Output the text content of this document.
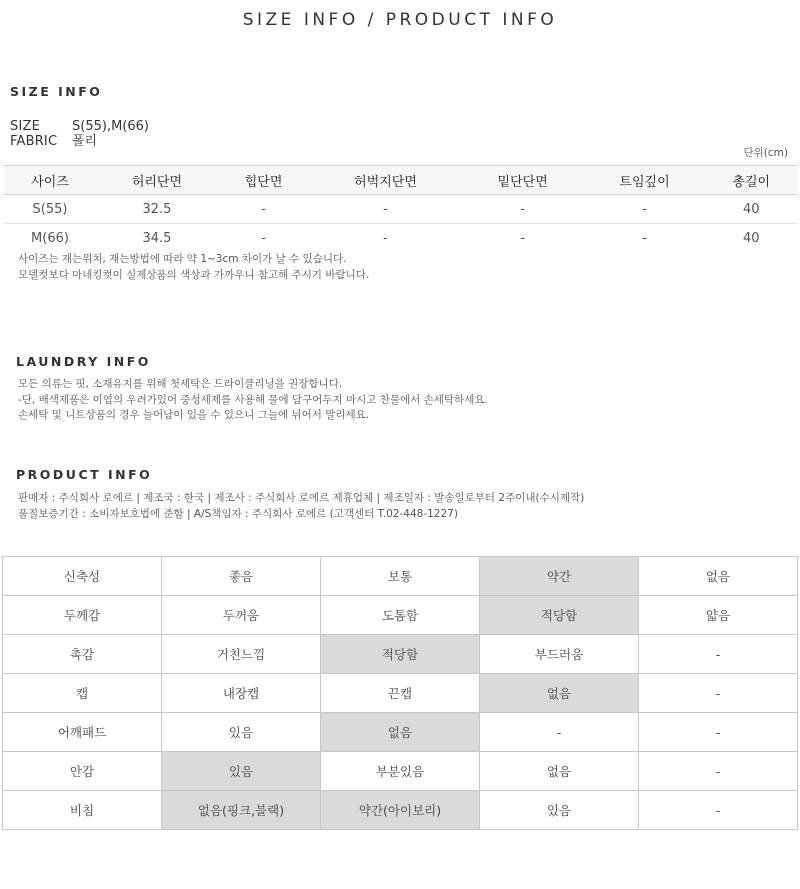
SIZE INFO / PRODUCT INFO
SIZE INFO
SIZE S(55),M(66)
FABRIC 폴리
단위(cm)
사이즈	허리단면	힙단면	허벅지단면	밑단단면	트임깊이	총길이
S(55)	32.5	-	-	-	-	40
M(66)	34.5	-	-	-	-	40
사이즈는 재는위치, 재는방법에 따라 약 1~3cm 차이가 날 수 있습니다.
모델컷보다 마네킹컷이 실제상품의 색상과 가까우니 참고해 주시기 바랍니다.
LAUNDRY INFO
모든 의류는 핏, 소재유지를 위해 첫세탁은 드라이클리닝을 권장합니다.
-단, 배색제품은 이염의 우려가있어 중성세제를 사용해 물에 담구어두지 마시고 찬물에서 손세탁하세요.
손세탁 및 니트상품의 경우 늘어남이 있을 수 있으니 그늘에 뉘어서 말리세요.
PRODUCT INFO
판매자 : 주식회사 로에르 | 제조국 : 한국 | 제조사 : 주식회사 로에르 제휴업체 | 제조일자 : 발송일로부터 2주이내(수시제작)
품질보증기간 : 소비자보호법에 준함 | A/S책임자 : 주식회사 로에르 (고객센터 T.02-448-1227)
신축성	좋음	보통	약간	없음
두께감	두꺼움	도톰함	적당함	얇음
촉감	거친느낌	적당함	부드러움	-
캡	내장캡	끈캡	없음	-
어깨패드	있음	없음	-	-
안감	있음	부분있음	없음	-
비침	없음(핑크,블랙)	약간(아이보리)	있음	-
